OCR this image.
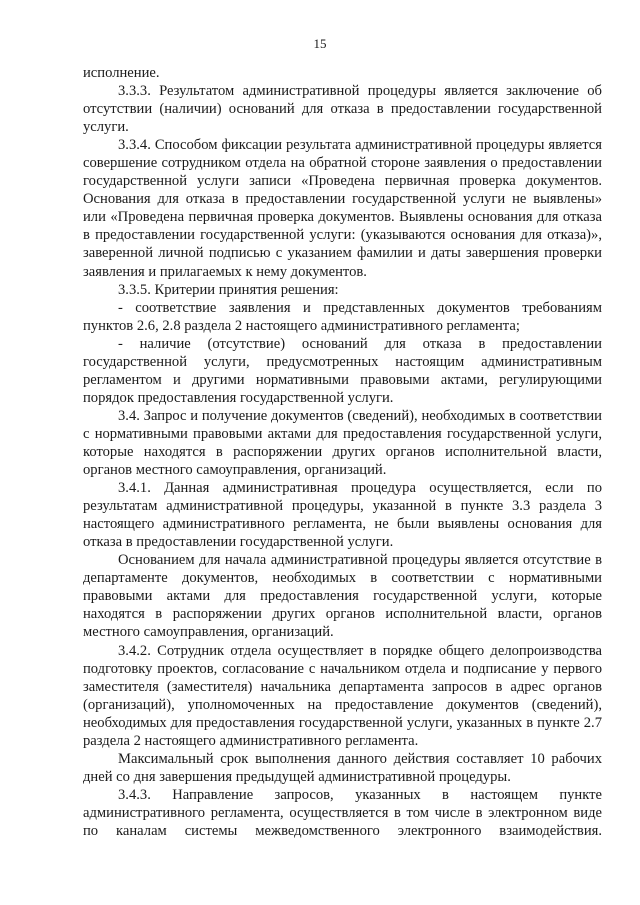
15

исполнение.

3.3.3. Результатом административной процедуры является заключение об отсутствии (наличии) оснований для отказа в предоставлении государственной услуги.

3.3.4. Способом фиксации результата административной процедуры является совершение сотрудником отдела на обратной стороне заявления о предоставлении государственной услуги записи «Проведена первичная проверка документов. Основания для отказа в предоставлении государственной услуги не выявлены» или «Проведена первичная проверка документов. Выявлены основания для отказа в предоставлении государственной услуги: (указываются основания для отказа)», заверенной личной подписью с указанием фамилии и даты завершения проверки заявления и прилагаемых к нему документов.

3.3.5. Критерии принятия решения:

- соответствие заявления и представленных документов требованиям пунктов 2.6, 2.8 раздела 2 настоящего административного регламента;

- наличие (отсутствие) оснований для отказа в предоставлении государственной услуги, предусмотренных настоящим административным регламентом и другими нормативными правовыми актами, регулирующими порядок предоставления государственной услуги.

3.4. Запрос и получение документов (сведений), необходимых в соответствии с нормативными правовыми актами для предоставления государственной услуги, которые находятся в распоряжении других органов исполнительной власти, органов местного самоуправления, организаций.

3.4.1. Данная административная процедура осуществляется, если по результатам административной процедуры, указанной в пункте 3.3 раздела 3 настоящего административного регламента, не были выявлены основания для отказа в предоставлении государственной услуги.

Основанием для начала административной процедуры является отсутствие в департаменте документов, необходимых в соответствии с нормативными правовыми актами для предоставления государственной услуги, которые находятся в распоряжении других органов исполнительной власти, органов местного самоуправления, организаций.

3.4.2. Сотрудник отдела осуществляет в порядке общего делопроизводства подготовку проектов, согласование с начальником отдела и подписание у первого заместителя (заместителя) начальника департамента запросов в адрес органов (организаций), уполномоченных на предоставление документов (сведений), необходимых для предоставления государственной услуги, указанных в пункте 2.7 раздела 2 настоящего административного регламента.

Максимальный срок выполнения данного действия составляет 10 рабочих дней со дня завершения предыдущей административной процедуры.

3.4.3. Направление запросов, указанных в настоящем пункте административного регламента, осуществляется в том числе в электронном виде по каналам системы межведомственного электронного взаимодействия.
